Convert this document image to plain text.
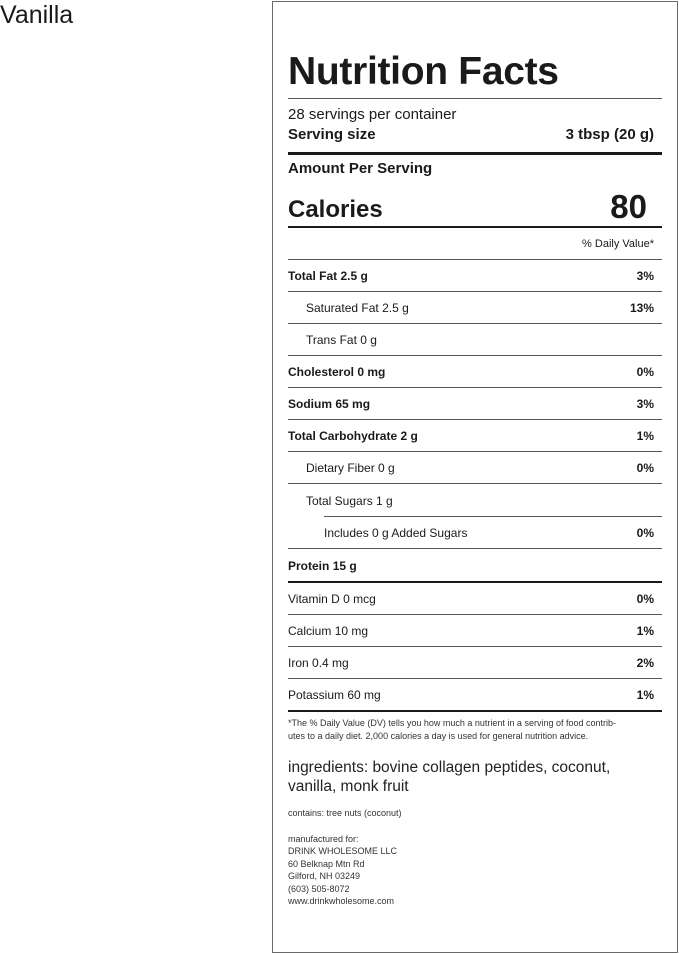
Vanilla
Nutrition Facts
28 servings per container
Serving size	3 tbsp (20 g)
Amount Per Serving
Calories	80
% Daily Value*
Total Fat 2.5 g	3%
Saturated Fat 2.5 g	13%
Trans Fat 0 g
Cholesterol 0 mg	0%
Sodium 65 mg	3%
Total Carbohydrate 2 g	1%
Dietary Fiber 0 g	0%
Total Sugars 1 g
Includes 0 g Added Sugars	0%
Protein 15 g
Vitamin D 0 mcg	0%
Calcium 10 mg	1%
Iron 0.4 mg	2%
Potassium 60 mg	1%
*The % Daily Value (DV) tells you how much a nutrient in a serving of food contrib-
utes to a daily diet. 2,000 calories a day is used for general nutrition advice.
ingredients: bovine collagen peptides, coconut,
vanilla, monk fruit
contains: tree nuts (coconut)
manufactured for:
DRINK WHOLESOME LLC
60 Belknap Mtn Rd
Gilford, NH 03249
(603) 505-8072
www.drinkwholesome.com
